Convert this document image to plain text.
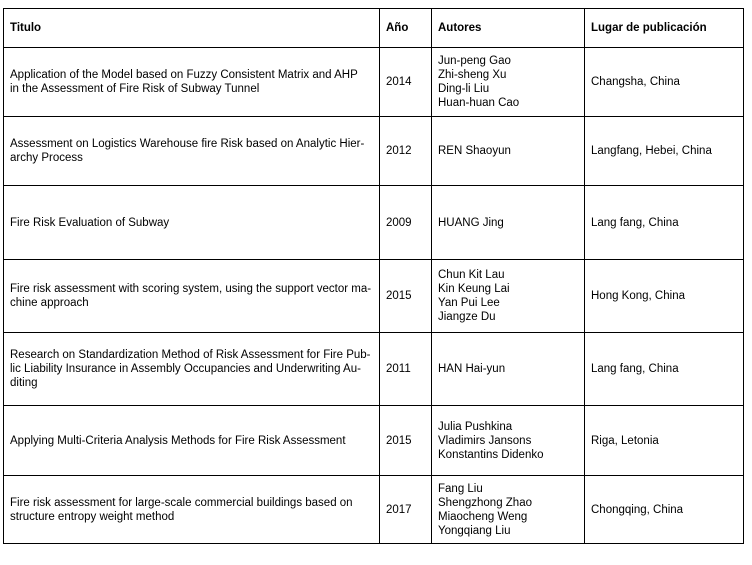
Titulo	Año	Autores	Lugar de publicación

Application of the Model based on Fuzzy Consistent Matrix and AHP
in the Assessment of Fire Risk of Subway Tunnel	2014	Jun-peng Gao
Zhi-sheng Xu
Ding-li Liu
Huan-huan Cao	Changsha, China

Assessment on Logistics Warehouse fire Risk based on Analytic Hier-
archy Process	2012	REN Shaoyun	Langfang, Hebei, China

Fire Risk Evaluation of Subway	2009	HUANG Jing	Lang fang, China

Fire risk assessment with scoring system, using the support vector ma-
chine approach	2015	Chun Kit Lau
Kin Keung Lai
Yan Pui Lee
Jiangze Du	Hong Kong, China

Research on Standardization Method of Risk Assessment for Fire Pub-
lic Liability Insurance in Assembly Occupancies and Underwriting Au-
diting	2011	HAN Hai-yun	Lang fang, China

Applying Multi-Criteria Analysis Methods for Fire Risk Assessment	2015	Julia Pushkina
Vladimirs Jansons
Konstantins Didenko	Riga, Letonia

Fire risk assessment for large-scale commercial buildings based on
structure entropy weight method	2017	Fang Liu
Shengzhong Zhao
Miaocheng Weng
Yongqiang Liu	Chongqing, China
